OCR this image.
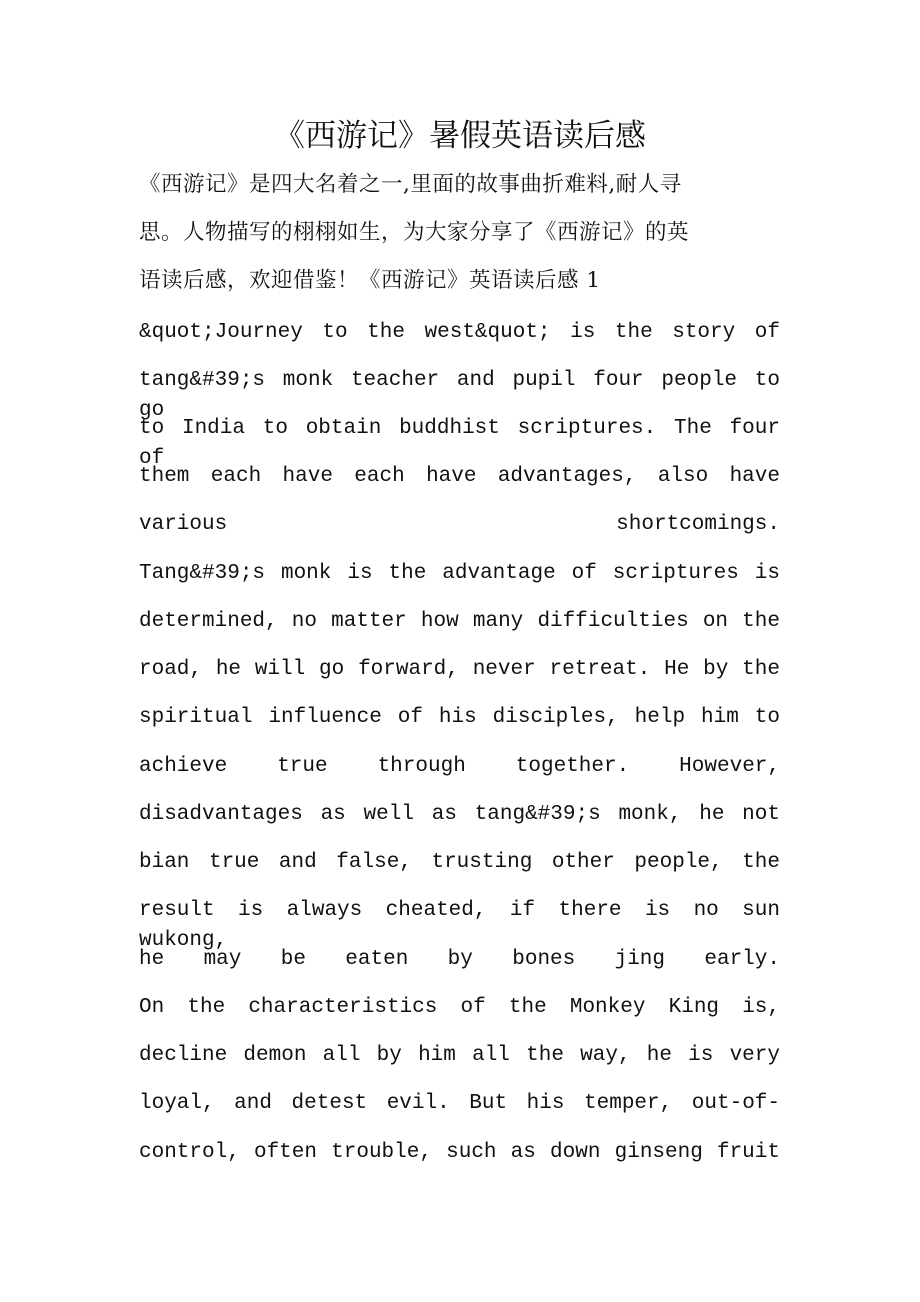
《西游记》暑假英语读后感
《西游记》是四大名着之一,里面的故事曲折难料,耐人寻
思。人物描写的栩栩如生，为大家分享了《西游记》的英
语读后感，欢迎借鉴！《西游记》英语读后感 1
&quot;Journey to the west&quot; is the story of
tang&#39;s monk teacher and pupil four people to go
to India to obtain buddhist scriptures. The four of
them each have each have advantages, also have
various shortcomings.
Tang&#39;s monk is the advantage of scriptures is
determined, no matter how many difficulties on the
road, he will go forward, never retreat. He by the
spiritual influence of his disciples, help him to
achieve true through together. However,
disadvantages as well as tang&#39;s monk, he not
bian true and false, trusting other people, the
result is always cheated, if there is no sun wukong,
he may be eaten by bones jing early.
On the characteristics of the Monkey King is,
decline demon all by him all the way, he is very
loyal, and detest evil. But his temper, out-of-
control, often trouble, such as down ginseng fruit
